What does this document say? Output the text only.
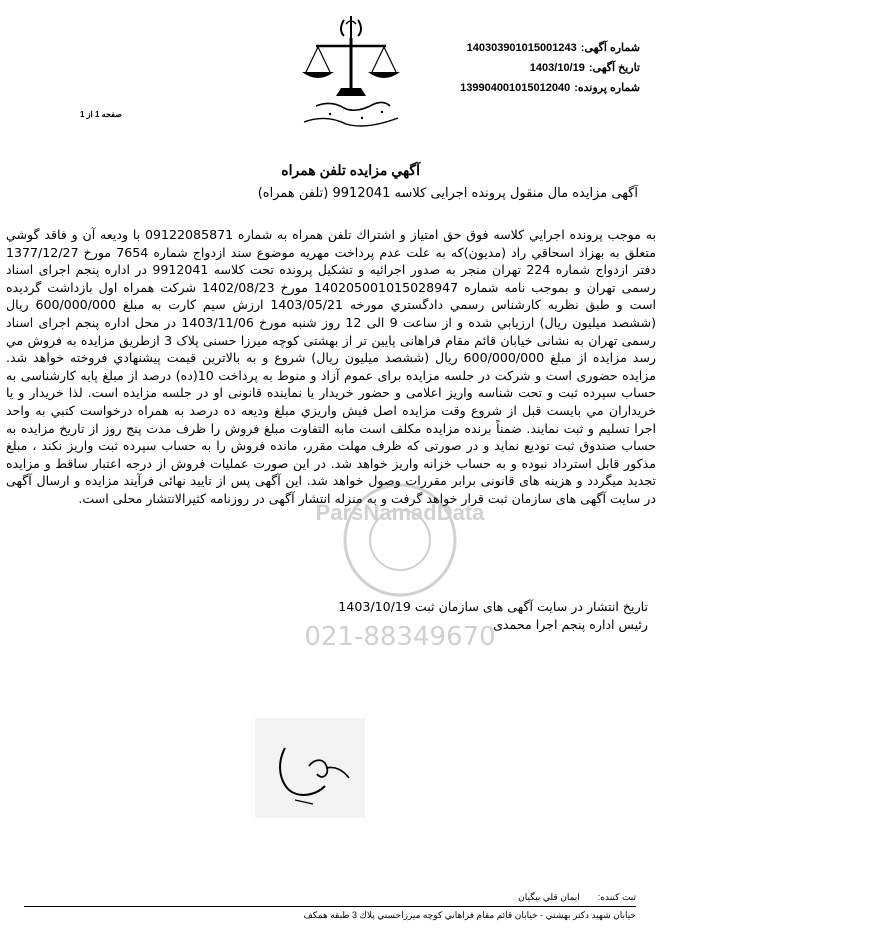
شماره آگهی:
140303901015001243
تاریخ آگهی:
1403/10/19
شماره پرونده:
139904001015012040
صفحه 1 از 1
آگهي مزايده تلفن همراه
آگهی مزایده مال منقول پرونده اجرایی کلاسه 9912041 (تلفن همراه)
ParsNamadData
021-88349670

به موجب پرونده اجرايي كلاسه فوق حق امتياز و اشتراك تلفن همراه به شماره 09122085871 با وديعه آن و فاقد گوشي متعلق به بهزاد اسحاقي راد (مدیون)كه به علت عدم پرداخت مهریه موضوع سند ازدواج شماره 7654 مورخ 1377/12/27 دفتر ازدواج شماره 224 تهران منجر به صدور اجرائیه و تشکیل پرونده تحت کلاسه 9912041 در اداره پنجم اجرای اسناد رسمی تهران و بموجب نامه شماره 140205001015028947 مورخ 1402/08/23 شرکت همراه اول بازداشت گرديده است و طبق نظريه كارشناس رسمي دادگستري مورخه 1403/05/21 ارزش سيم كارت به مبلغ 600/000/000 ريال (ششصد ميليون ريال) ارزيابي شده و از ساعت 9 الی 12 روز شنبه مورخ 1403/11/06 در محل اداره پنجم اجرای اسناد رسمی تهران به نشانی خیابان قائم مقام فراهانی پایین تر از بهشتی کوچه میرزا حسنی پلاک 3 ازطريق مزايده به فروش مي رسد مزايده از مبلغ 600/000/000 ريال (ششصد ميليون ريال) شروع و به بالاترين قيمت پيشنهادي فروخته خواهد شد. مزایده حضوری است و شرکت در جلسه مزایده برای عموم آزاد و منوط به پرداخت 10(ده) درصد از مبلغ پایه کارشناسی به حساب سپرده ثبت و تحت شناسه واريز اعلامی و حضور خریدار یا نماینده قانونی او در جلسه مزایده است. لذا خريدار و يا خريداران مي بايست قبل از شروع وقت مزايده اصل فيش واريزي مبلغ وديعه ده درصد به همراه درخواست كتبي به واحد اجرا تسليم و ثبت نمايند. ضمناً برنده مزایده مکلف است مابه التفاوت مبلغ فروش را ظرف مدت پنج روز از تاریخ مزایده به حساب صندوق ثبت تودیع نماید و در صورتی که ظرف مهلت مقرر، مانده فروش را به حساب سپرده ثبت واریز نکند ، مبلغ مذکور قابل استرداد نبوده و به حساب خزانه واریز خواهد شد. در این صورت عملیات فروش از درجه اعتبار ساقط و مزایده تجدید میگردد و هزینه های قانونی برابر مقررات وصول خواهد شد. این آگهی پس از تایید نهائی فرآیند مزایده و ارسال آگهی در سایت آگهی های سازمان ثبت قرار خواهد گرفت و به منزله انتشار آگهی در روزنامه کثیرالانتشار محلی است.

تاریخ انتشار در سایت آگهی های سازمان ثبت 1403/10/19
رئیس اداره پنجم اجرا محمدی
ثبت كننده:
ايمان قلي بيگيان
خيابان شهيد دكتر بهشتي - خيابان قائم مقام فراهاني كوچه ميرزاحسني پلاك 3 طبقه همكف
